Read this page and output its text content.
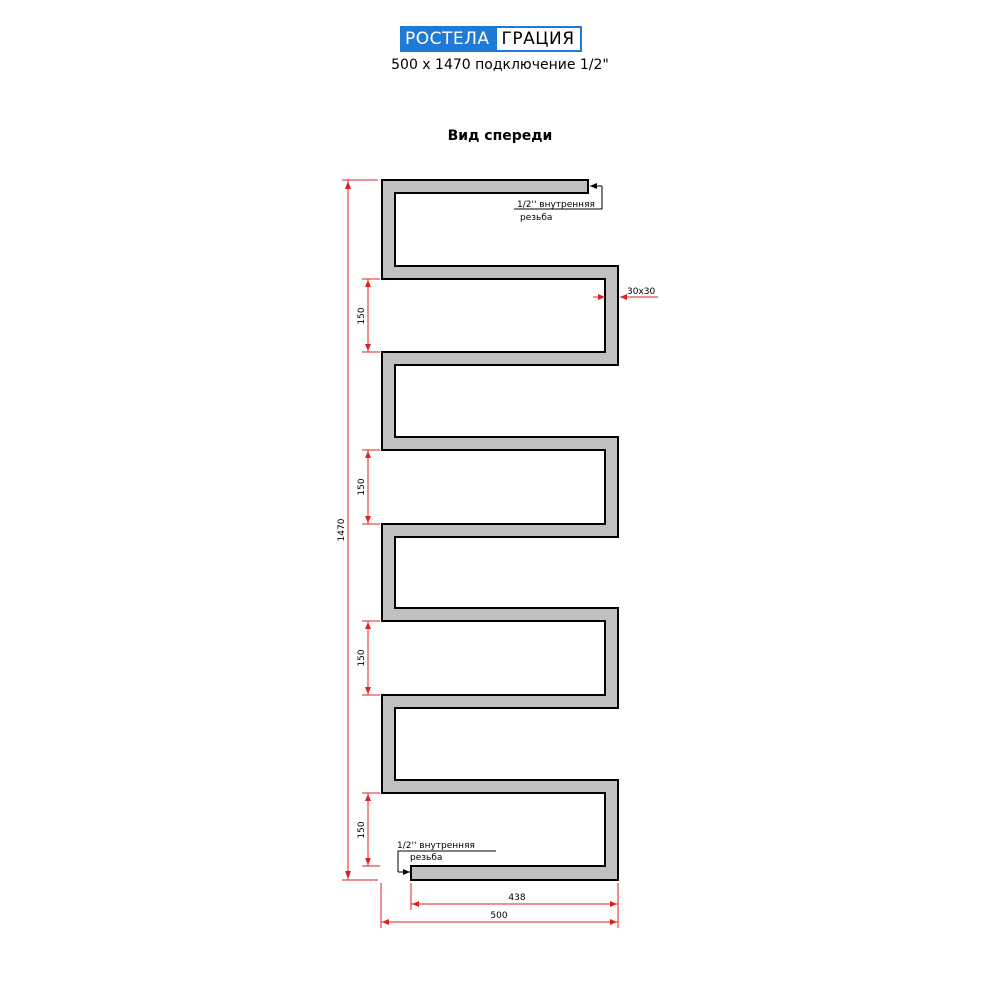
РОСТЕЛА ГРАЦИЯ
500 x 1470 подключение 1/2"
Вид спереди
1/2'' внутренняя
резьба
1/2'' внутренняя
резьба
30x30
1470
150
150
150
150
438
500
